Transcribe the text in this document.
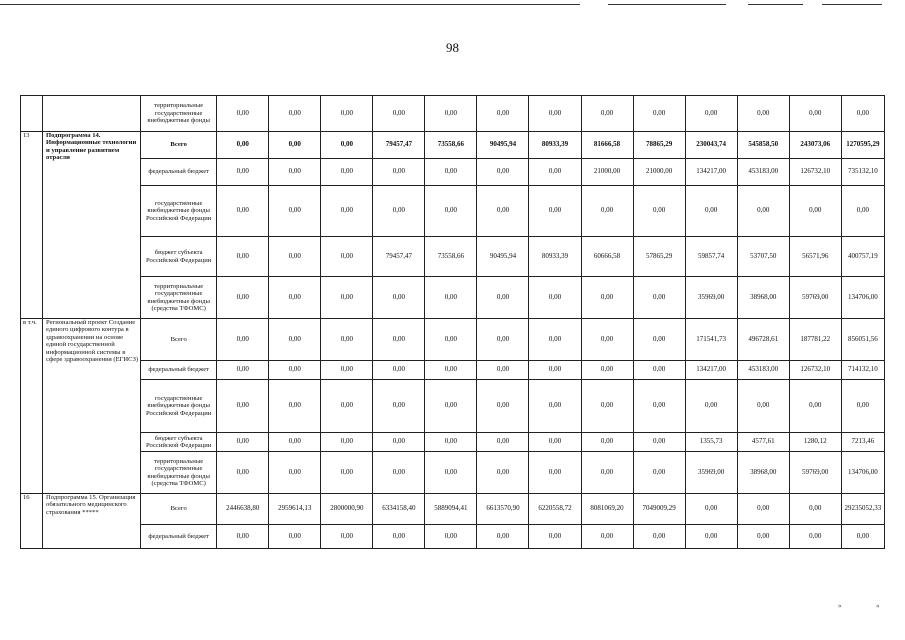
98
		территориальные государственные внебюджетные фонды	0,00	0,00	0,00	0,00	0,00	0,00	0,00	0,00	0,00	0,00	0,00	0,00	0,00
13	Подпрограмма 14. Информационные технологии и управление развитием отрасли	Всего	0,00	0,00	0,00	79457,47	73558,66	90495,94	80933,39	81666,58	78865,29	230043,74	545858,50	243073,06	1270595,29
		федеральный бюджет	0,00	0,00	0,00	0,00	0,00	0,00	0,00	21000,00	21000,00	134217,00	453183,00	126732,10	735132,10
		государственные внебюджетные фонды Российской Федерации	0,00	0,00	0,00	0,00	0,00	0,00	0,00	0,00	0,00	0,00	0,00	0,00	0,00
		бюджет субъекта Российской Федерации	0,00	0,00	0,00	79457,47	73558,66	90495,94	80933,39	60666,58	57865,29	59857,74	53707,50	56571,96	400757,19
		территориальные государственные внебюджетные фонды (средства ТФОМС)	0,00	0,00	0,00	0,00	0,00	0,00	0,00	0,00	0,00	35969,00	38968,00	59769,00	134706,00
в т.ч.	Региональный проект Создание единого цифрового контура в здравоохранении на основе единой государственной информационной системы в сфере здравоохранения (ЕГИСЗ)	Всего	0,00	0,00	0,00	0,00	0,00	0,00	0,00	0,00	0,00	171541,73	496728,61	187781,22	856051,56
		федеральный бюджет	0,00	0,00	0,00	0,00	0,00	0,00	0,00	0,00	0,00	134217,00	453183,00	126732,10	714132,10
		государственные внебюджетные фонды Российской Федерации	0,00	0,00	0,00	0,00	0,00	0,00	0,00	0,00	0,00	0,00	0,00	0,00	0,00
		бюджет субъекта Российской Федерации	0,00	0,00	0,00	0,00	0,00	0,00	0,00	0,00	0,00	1355,73	4577,61	1280,12	7213,46
		территориальные государственные внебюджетные фонды (средства ТФОМС)	0,00	0,00	0,00	0,00	0,00	0,00	0,00	0,00	0,00	35969,00	38968,00	59769,00	134706,00
16	Подпрограмма 15. Организация обязательного медицинского страхования *****	Всего	2446638,80	2959614,13	2800000,90	6334158,40	5889094,41	6613570,90	6220558,72	8081069,20	7049009,29	0,00	0,00	0,00	29235052,33
		федеральный бюджет	0,00	0,00	0,00	0,00	0,00	0,00	0,00	0,00	0,00	0,00	0,00	0,00	0,00
»	«
